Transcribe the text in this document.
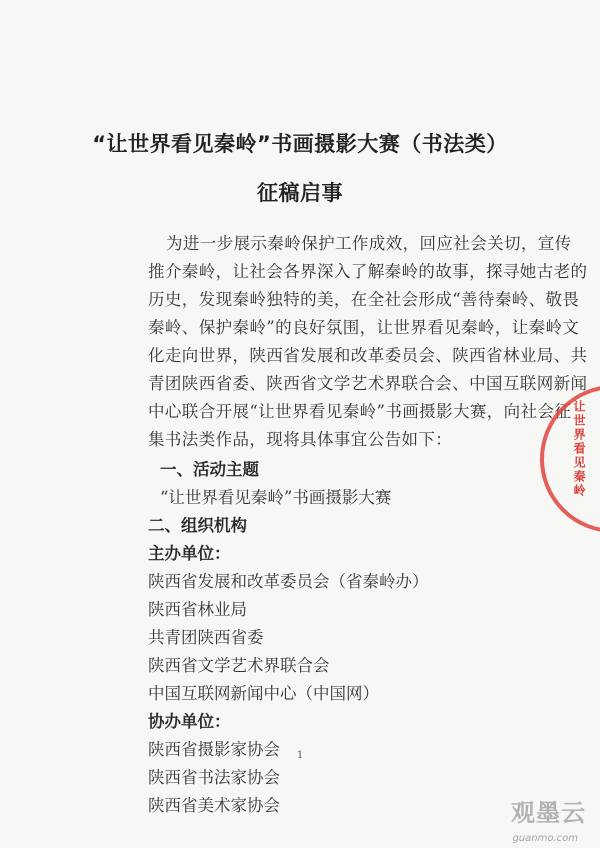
“让世界看见秦岭”书画摄影大赛（书法类）
征稿启事
为进一步展示秦岭保护工作成效，回应社会关切，宣传
推介秦岭，让社会各界深入了解秦岭的故事，探寻她古老的
历史，发现秦岭独特的美，在全社会形成“善待秦岭、敬畏
秦岭、保护秦岭”的良好氛围，让世界看见秦岭，让秦岭文
化走向世界，陕西省发展和改革委员会、陕西省林业局、共
青团陕西省委、陕西省文学艺术界联合会、中国互联网新闻
中心联合开展“让世界看见秦岭”书画摄影大赛，向社会征
集书法类作品，现将具体事宜公告如下：
一、活动主题
“让世界看见秦岭”书画摄影大赛
二、组织机构
主办单位：
陕西省发展和改革委员会（省秦岭办）
陕西省林业局
共青团陕西省委
陕西省文学艺术界联合会
中国互联网新闻中心（中国网）
协办单位：
陕西省摄影家协会
陕西省书法家协会
陕西省美术家协会
1
让世界看见秦岭
观墨云
guanmo.com
